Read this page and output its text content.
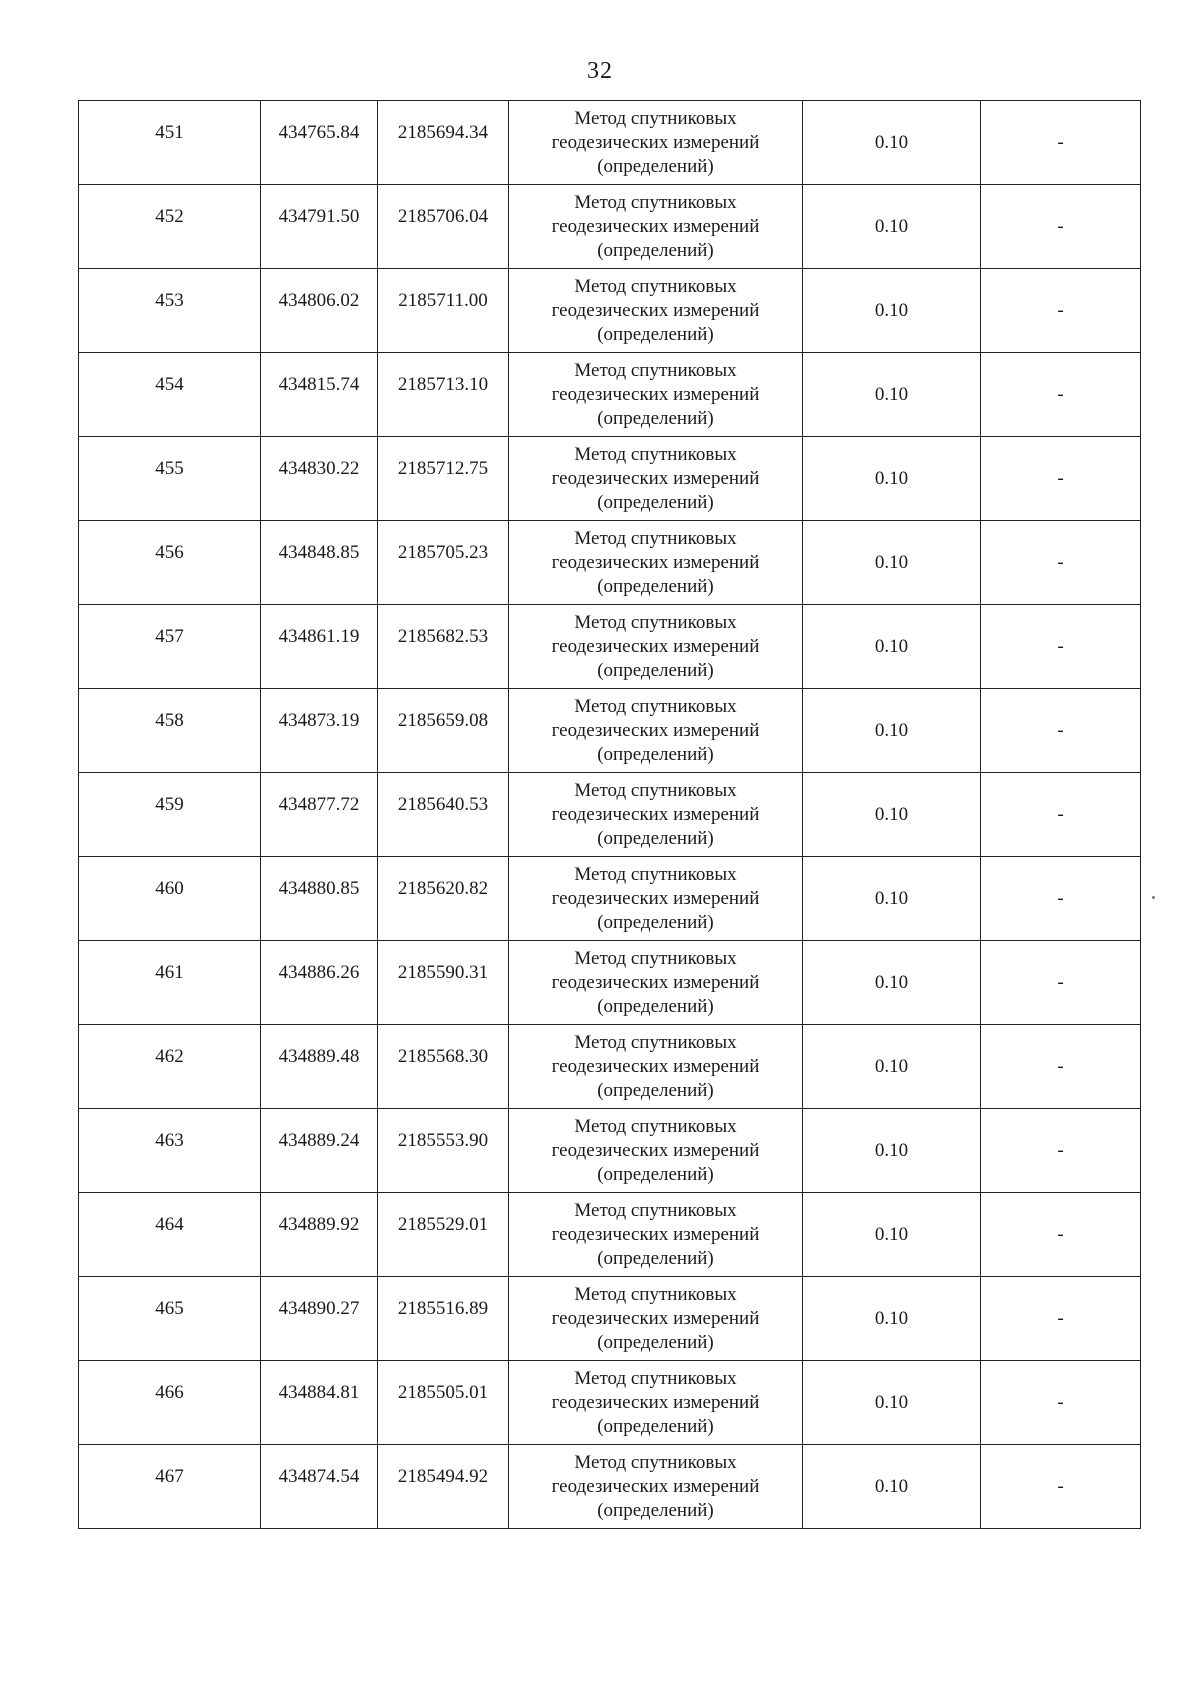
32
451	434765.84	2185694.34	Метод спутниковых
геодезических измерений
(определений)	0.10	-
452	434791.50	2185706.04	Метод спутниковых
геодезических измерений
(определений)	0.10	-
453	434806.02	2185711.00	Метод спутниковых
геодезических измерений
(определений)	0.10	-
454	434815.74	2185713.10	Метод спутниковых
геодезических измерений
(определений)	0.10	-
455	434830.22	2185712.75	Метод спутниковых
геодезических измерений
(определений)	0.10	-
456	434848.85	2185705.23	Метод спутниковых
геодезических измерений
(определений)	0.10	-
457	434861.19	2185682.53	Метод спутниковых
геодезических измерений
(определений)	0.10	-
458	434873.19	2185659.08	Метод спутниковых
геодезических измерений
(определений)	0.10	-
459	434877.72	2185640.53	Метод спутниковых
геодезических измерений
(определений)	0.10	-
460	434880.85	2185620.82	Метод спутниковых
геодезических измерений
(определений)	0.10	-
461	434886.26	2185590.31	Метод спутниковых
геодезических измерений
(определений)	0.10	-
462	434889.48	2185568.30	Метод спутниковых
геодезических измерений
(определений)	0.10	-
463	434889.24	2185553.90	Метод спутниковых
геодезических измерений
(определений)	0.10	-
464	434889.92	2185529.01	Метод спутниковых
геодезических измерений
(определений)	0.10	-
465	434890.27	2185516.89	Метод спутниковых
геодезических измерений
(определений)	0.10	-
466	434884.81	2185505.01	Метод спутниковых
геодезических измерений
(определений)	0.10	-
467	434874.54	2185494.92	Метод спутниковых
геодезических измерений
(определений)	0.10	-
